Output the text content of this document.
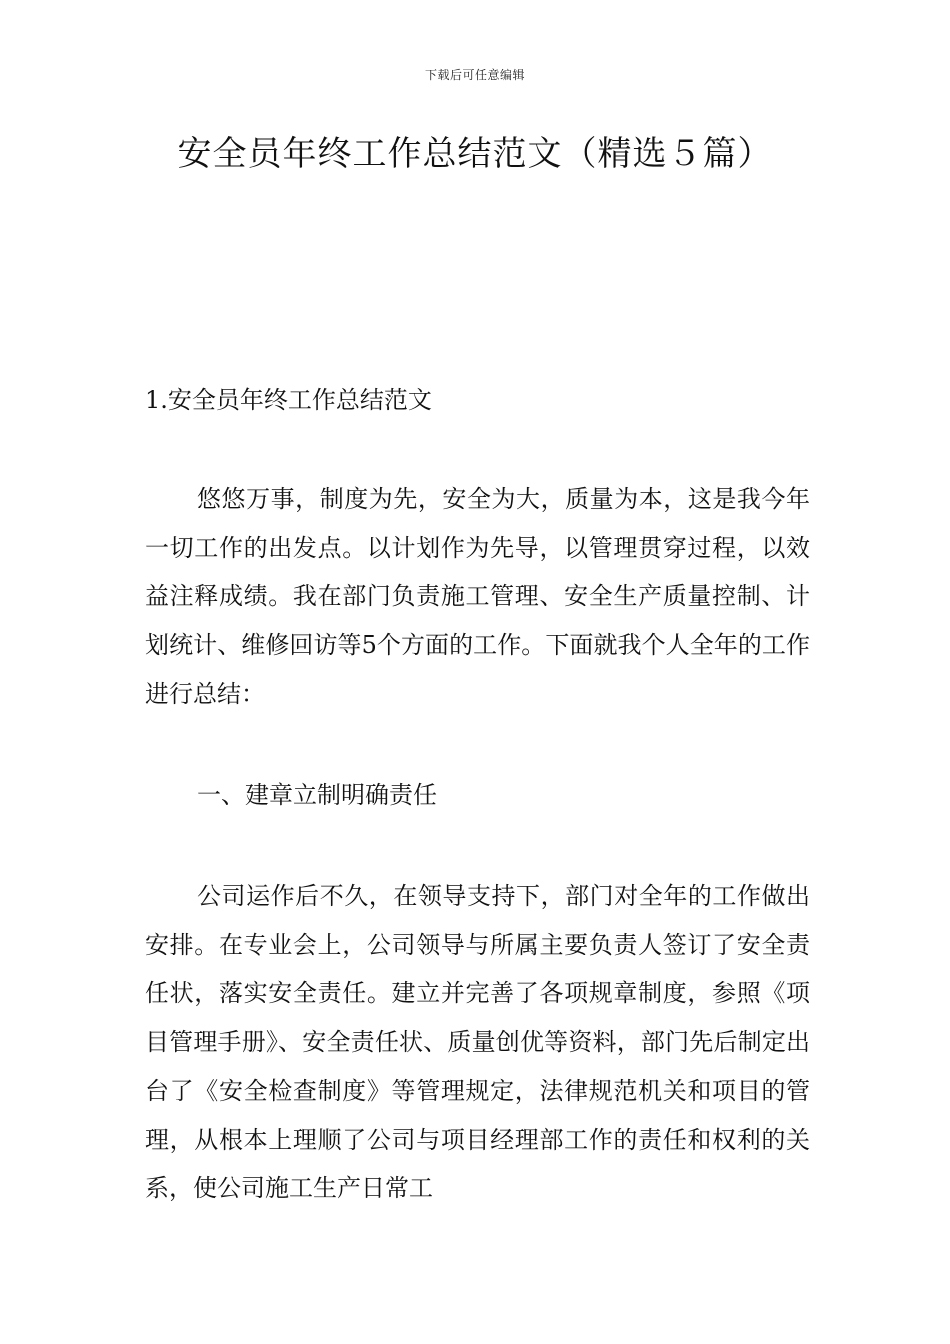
下载后可任意编辑
安全员年终工作总结范文（精选５篇）
1.安全员年终工作总结范文

悠悠万事，制度为先，安全为大，质量为本，这是我今年一切工作的出发点。以计划作为先导，以管理贯穿过程，以效益注释成绩。我在部门负责施工管理、安全生产质量控制、计划统计、维修回访等5个方面的工作。下面就我个人全年的工作进行总结：

一、建章立制明确责任

公司运作后不久，在领导支持下，部门对全年的工作做出安排。在专业会上，公司领导与所属主要负责人签订了安全责任状，落实安全责任。建立并完善了各项规章制度，参照《项目管理手册》、安全责任状、质量创优等资料，部门先后制定出台了《安全检查制度》等管理规定，法律规范机关和项目的管理，从根本上理顺了公司与项目经理部工作的责任和权利的关系，使公司施工生产日常工
